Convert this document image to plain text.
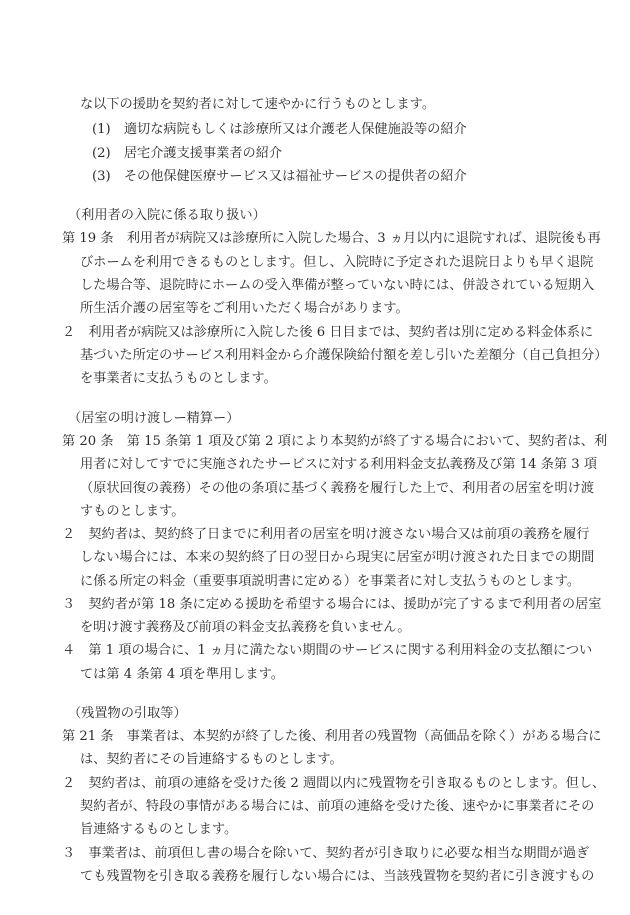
な以下の援助を契約者に対して速やかに行うものとします。
(1)　適切な病院もしくは診療所又は介護老人保健施設等の紹介
(2)　居宅介護支援事業者の紹介
(3)　その他保健医療サービス又は福祉サービスの提供者の紹介
（利用者の入院に係る取り扱い）
第 19 条　利用者が病院又は診療所に入院した場合、3 ヵ月以内に退院すれば、退院後も再
びホームを利用できるものとします。但し、入院時に予定された退院日よりも早く退院
した場合等、退院時にホームの受入準備が整っていない時には、併設されている短期入
所生活介護の居室等をご利用いただく場合があります。
２　利用者が病院又は診療所に入院した後 6 日目までは、契約者は別に定める料金体系に
基づいた所定のサービス利用料金から介護保険給付額を差し引いた差額分（自己負担分）
を事業者に支払うものとします。
（居室の明け渡しー精算ー）
第 20 条　第 15 条第 1 項及び第 2 項により本契約が終了する場合において、契約者は、利
用者に対してすでに実施されたサービスに対する利用料金支払義務及び第 14 条第 3 項
（原状回復の義務）その他の条項に基づく義務を履行した上で、利用者の居室を明け渡
すものとします。
２　契約者は、契約終了日までに利用者の居室を明け渡さない場合又は前項の義務を履行
しない場合には、本来の契約終了日の翌日から現実に居室が明け渡された日までの期間
に係る所定の料金（重要事項説明書に定める）を事業者に対し支払うものとします。
３　契約者が第 18 条に定める援助を希望する場合には、援助が完了するまで利用者の居室
を明け渡す義務及び前項の料金支払義務を負いません。
４　第 1 項の場合に、1 ヵ月に満たない期間のサービスに関する利用料金の支払額につい
ては第 4 条第 4 項を準用します。
（残置物の引取等）
第 21 条　事業者は、本契約が終了した後、利用者の残置物（高価品を除く）がある場合に
は、契約者にその旨連絡するものとします。
２　契約者は、前項の連絡を受けた後 2 週間以内に残置物を引き取るものとします。但し、
契約者が、特段の事情がある場合には、前項の連絡を受けた後、速やかに事業者にその
旨連絡するものとします。
３　事業者は、前項但し書の場合を除いて、契約者が引き取りに必要な相当な期間が過ぎ
ても残置物を引き取る義務を履行しない場合には、当該残置物を契約者に引き渡すもの
